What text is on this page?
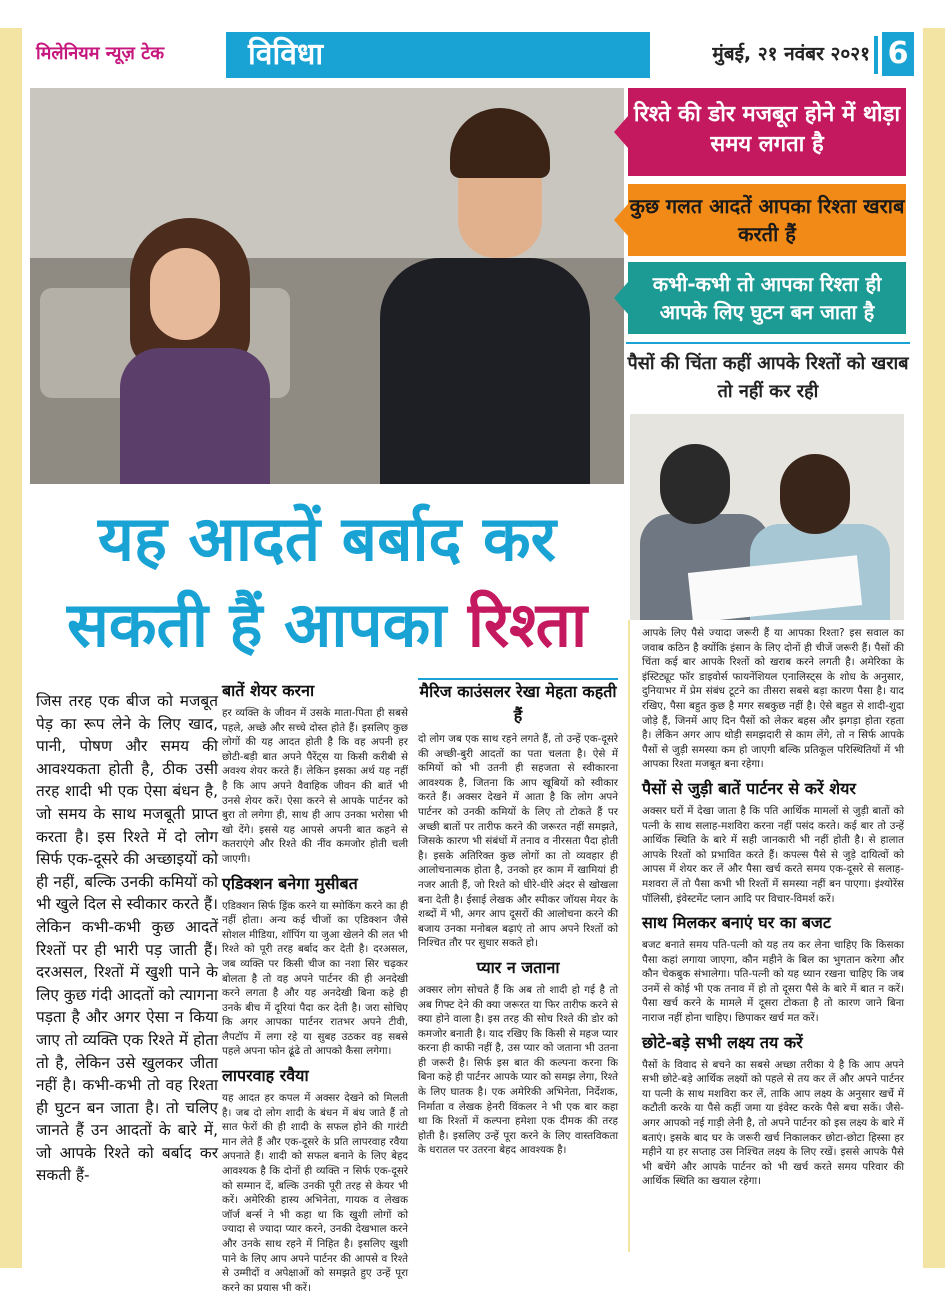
मिलेनियम न्यूज़ टेक	विविधा	मुंबई, २१ नवंबर २०२१ 6
रिश्ते की डोर मजबूत होने में थोड़ा समय लगता है
कुछ गलत आदतें आपका रिश्ता खराब करती हैं
कभी-कभी तो आपका रिश्ता ही आपके लिए घुटन बन जाता है
पैसों की चिंता कहीं आपके रिश्तों को खराब तो नहीं कर रही
यह आदतें बर्बाद कर
सकती हैं आपका रिश्ता
जिस तरह एक बीज को मजबूत पेड़ का रूप लेने के लिए खाद, पानी, पोषण और समय की आवश्यकता होती है, ठीक उसी तरह शादी भी एक ऐसा बंधन है, जो समय के साथ मजबूती प्राप्त करता है। इस रिश्ते में दो लोग सिर्फ एक-दूसरे की अच्छाइयों को ही नहीं, बल्कि उनकी कमियों को भी खुले दिल से स्वीकार करते हैं। लेकिन कभी-कभी कुछ आदतें रिश्तों पर ही भारी पड़ जाती हैं। दरअसल, रिश्तों में खुशी पाने के लिए कुछ गंदी आदतों को त्यागना पड़ता है और अगर ऐसा न किया जाए तो व्यक्ति एक रिश्ते में होता तो है, लेकिन उसे खुलकर जीता नहीं है। कभी-कभी तो वह रिश्ता ही घुटन बन जाता है। तो चलिए जानते हैं उन आदतों के बारे में, जो आपके रिश्ते को बर्बाद कर सकती हैं-
बातें शेयर करना

हर व्यक्ति के जीवन में उसके माता-पिता ही सबसे पहले, अच्छे और सच्चे दोस्त होते हैं। इसलिए कुछ लोगों की यह आदत होती है कि वह अपनी हर छोटी-बड़ी बात अपने पैरेंट्स या किसी करीबी से अवश्य शेयर करते हैं। लेकिन इसका अर्थ यह नहीं है कि आप अपने वैवाहिक जीवन की बातें भी उनसे शेयर करें। ऐसा करने से आपके पार्टनर को बुरा तो लगेगा ही, साथ ही आप उनका भरोसा भी खो देंगे। इससे यह आपसे अपनी बात कहने से कतराएंगे और रिश्ते की नींव कमजोर होती चली जाएगी।

एडिक्शन बनेगा मुसीबत

एडिक्शन सिर्फ ड्रिंक करने या स्मोकिंग करने का ही नहीं होता। अन्य कई चीजों का एडिक्शन जैसे सोशल मीडिया, शॉपिंग या जुआ खेलने की लत भी रिश्ते को पूरी तरह बर्बाद कर देती है। दरअसल, जब व्यक्ति पर किसी चीज का नशा सिर चढ़कर बोलता है तो वह अपने पार्टनर की ही अनदेखी करने लगता है और यह अनदेखी बिना कहे ही उनके बीच में दूरियां पैदा कर देती है। जरा सोचिए कि अगर आपका पार्टनर रातभर अपने टीवी, लैपटॉप में लगा रहे या सुबह उठकर वह सबसे पहले अपना फोन ढूंढे तो आपको कैसा लगेगा।

लापरवाह रवैया

यह आदत हर कपल में अक्सर देखने को मिलती है। जब दो लोग शादी के बंधन में बंध जाते हैं तो सात फेरों की ही शादी के सफल होने की गारंटी मान लेते हैं और एक-दूसरे के प्रति लापरवाह रवैया अपनाते हैं। शादी को सफल बनाने के लिए बेहद आवश्यक है कि दोनों ही व्यक्ति न सिर्फ एक-दूसरे को सम्मान दें, बल्कि उनकी पूरी तरह से केयर भी करें। अमेरिकी हास्य अभिनेता, गायक व लेखक जॉर्ज बर्न्स ने भी कहा था कि खुशी लोगों को ज्यादा से ज्यादा प्यार करने, उनकी देखभाल करने और उनके साथ रहने में निहित है। इसलिए खुशी पाने के लिए आप अपने पार्टनर की आपसे व रिश्ते से उम्मीदों व अपेक्षाओं को समझते हुए उन्हें पूरा करने का प्रयास भी करें।

मैरिज काउंसलर रेखा मेहता कहती हैं

दो लोग जब एक साथ रहने लगते हैं, तो उन्हें एक-दूसरे की अच्छी-बुरी आदतों का पता चलता है। ऐसे में कमियों को भी उतनी ही सहजता से स्वीकारना आवश्यक है, जितना कि आप खूबियों को स्वीकार करते हैं। अक्सर देखने में आता है कि लोग अपने पार्टनर को उनकी कमियों के लिए तो टोकते हैं पर अच्छी बातों पर तारीफ करने की जरूरत नहीं समझते, जिसके कारण भी संबंधों में तनाव व नीरसता पैदा होती है। इसके अतिरिक्त कुछ लोगों का तो व्यवहार ही आलोचनात्मक होता है, उनको हर काम में खामियां ही नजर आती हैं, जो रिश्ते को धीरे-धीरे अंदर से खोखला बना देती है। ईसाई लेखक और स्पीकर जॉयस मेयर के शब्दों में भी, अगर आप दूसरों की आलोचना करने की बजाय उनका मनोबल बढ़ाएं तो आप अपने रिश्तों को निश्चित तौर पर सुधार सकते हो।

प्यार न जताना

अक्सर लोग सोचते हैं कि अब तो शादी हो गई है तो अब गिफ्ट देने की क्या जरूरत या फिर तारीफ करने से क्या होने वाला है। इस तरह की सोच रिश्ते की डोर को कमजोर बनाती है। याद रखिए कि किसी से महज प्यार करना ही काफी नहीं है, उस प्यार को जताना भी उतना ही जरूरी है। सिर्फ इस बात की कल्पना करना कि बिना कहे ही पार्टनर आपके प्यार को समझ लेगा, रिश्ते के लिए घातक है। एक अमेरिकी अभिनेता, निर्देशक, निर्माता व लेखक हेनरी विंकलर ने भी एक बार कहा था कि रिश्तों में कल्पना हमेशा एक दीमक की तरह होती है। इसलिए उन्हें पूरा करने के लिए वास्तविकता के धरातल पर उतरना बेहद आवश्यक है।

आपके लिए पैसे ज्यादा जरूरी हैं या आपका रिश्ता? इस सवाल का जवाब कठिन है क्योंकि इंसान के लिए दोनों ही चीजें जरूरी हैं। पैसों की चिंता कई बार आपके रिश्तों को खराब करने लगती है। अमेरिका के इंस्टिट्यूट फॉर डाइवोर्स फायनेंशियल एनालिस्ट्स के शोध के अनुसार, दुनियाभर में प्रेम संबंध टूटने का तीसरा सबसे बड़ा कारण पैसा है। याद रखिए, पैसा बहुत कुछ है मगर सबकुछ नहीं है। ऐसे बहुत से शादी-शुदा जोड़े हैं, जिनमें आए दिन पैसों को लेकर बहस और झगड़ा होता रहता है। लेकिन अगर आप थोड़ी समझदारी से काम लेंगे, तो न सिर्फ आपके पैसों से जुड़ी समस्या कम हो जाएगी बल्कि प्रतिकूल परिस्थितियों में भी आपका रिश्ता मजबूत बना रहेगा।

पैसों से जुड़ी बातें पार्टनर से करें शेयर

अक्सर घरों में देखा जाता है कि पति आर्थिक मामलों से जुड़ी बातों को पत्नी के साथ सलाह-मशविरा करना नहीं पसंद करते। कई बार तो उन्हें आर्थिक स्थिति के बारे में सही जानकारी भी नहीं होती है। से हालात आपके रिश्तों को प्रभावित करते हैं। कपल्स पैसे से जुड़े दायित्वों को आपस में शेयर कर लें और पैसा खर्च करते समय एक-दूसरे से सलाह-मशवरा लें तो पैसा कभी भी रिश्तों में समस्या नहीं बन पाएगा। इंश्योरेंस पॉलिसी, इंवेस्टमेंट प्लान आदि पर विचार-विमर्श करें।

साथ मिलकर बनाएं घर का बजट

बजट बनाते समय पति-पत्नी को यह तय कर लेना चाहिए कि किसका पैसा कहां लगाया जाएगा, कौन महीने के बिल का भुगतान करेगा और कौन चेकबुक संभालेगा। पति-पत्नी को यह ध्यान रखना चाहिए कि जब उनमें से कोई भी एक तनाव में हो तो दूसरा पैसे के बारे में बात न करें। पैसा खर्च करने के मामले में दूसरा टोकता है तो कारण जाने बिना नाराज नहीं होना चाहिए। छिपाकर खर्च मत करें।

छोटे-बड़े सभी लक्ष्य तय करें

पैसों के विवाद से बचने का सबसे अच्छा तरीका ये है कि आप अपने सभी छोटे-बड़े आर्थिक लक्ष्यों को पहले से तय कर लें और अपने पार्टनर या पत्नी के साथ मशविरा कर लें, ताकि आप लक्ष्य के अनुसार खर्चे में कटौती करके या पैसे कहीं जमा या इंवेस्ट करके पैसे बचा सकें। जैसे- अगर आपको नई गाड़ी लेनी है, तो अपने पार्टनर को इस लक्ष्य के बारे में बताएं। इसके बाद घर के जरूरी खर्च निकालकर छोटा-छोटा हिस्सा हर महीने या हर सप्ताह उस निश्चित लक्ष्य के लिए रखें। इससे आपके पैसे भी बचेंगे और आपके पार्टनर को भी खर्च करते समय परिवार की आर्थिक स्थिति का खयाल रहेगा।
